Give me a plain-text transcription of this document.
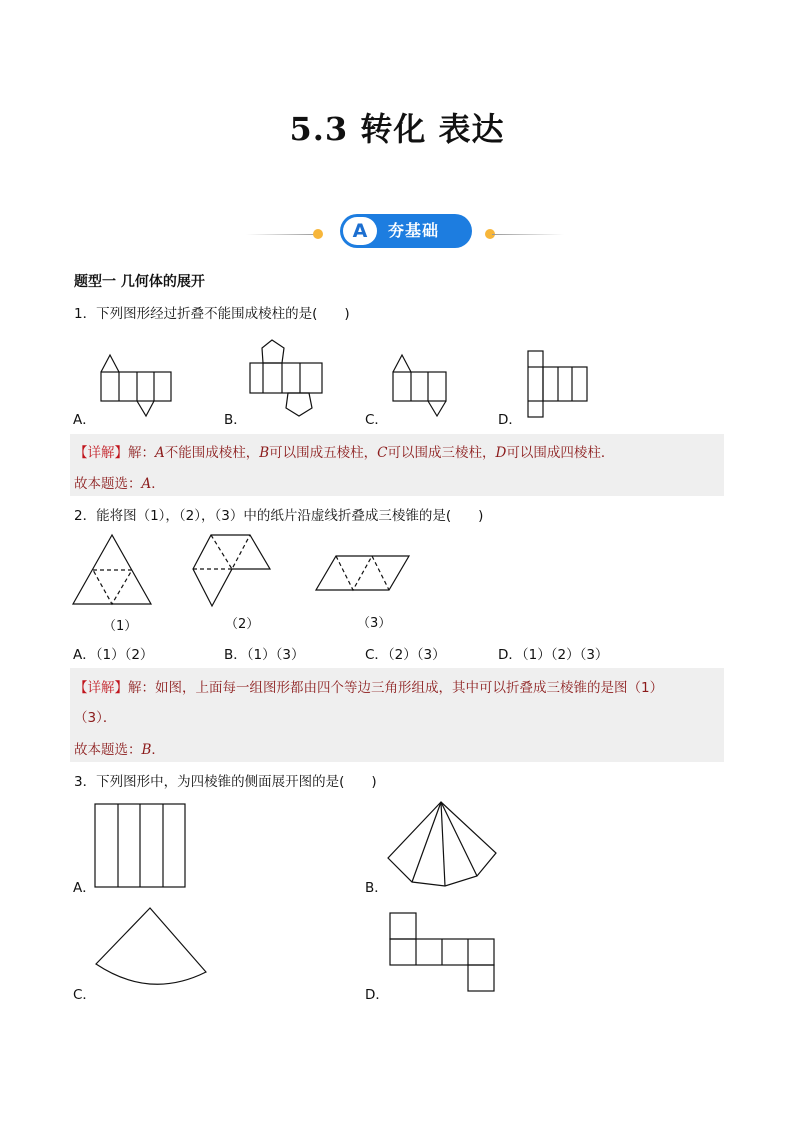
5.3 转化 表达
A	夯基础
题型一 几何体的展开
1．下列图形经过折叠不能围成棱柱的是(　　)
A．	B．	C．	D．
【详解】解：A不能围成棱柱，B可以围成五棱柱，C可以围成三棱柱，D可以围成四棱柱．
故本题选：A．
2．能将图（1），（2），（3）中的纸片沿虚线折叠成三棱锥的是(　　)
（1）	（2）	（3）
A．（1）（2）	B．（1）（3）	C．（2）（3）	D．（1）（2）（3）
【详解】解：如图，上面每一组图形都由四个等边三角形组成，其中可以折叠成三棱锥的是图（1）
（3）．
故本题选：B．
3．下列图形中，为四棱锥的侧面展开图的是(　　)
A．	B．
C．	D．
